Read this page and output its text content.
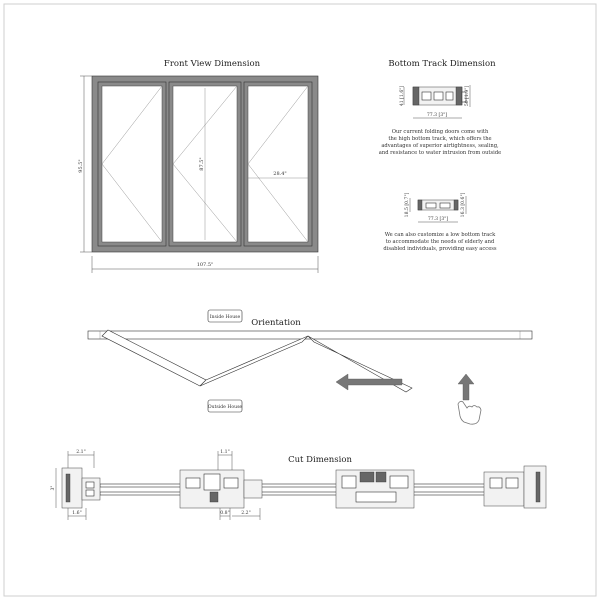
Front View Dimension
87.5"
28.4"
95.5"
107.5"
Bottom Track Dimension
41 [1.6"]	50 [1.9"]
77.3 [3"]
Our current folding doors come with
the high bottom track, which offers the
advantages of superior airtightness, sealing,
and resistance to water intrusion from outside
18.5 [0.7"]	16.3 [0.6"]
77.3 [3"]
We can also customize a low bottom track
to accommodate the needs of elderly and
disabled individuals, providing easy access
Orientation
Inside House
Outside House
Cut Dimension
2.1"
3"
1.6"
1.1"
0.8"	2.2"
